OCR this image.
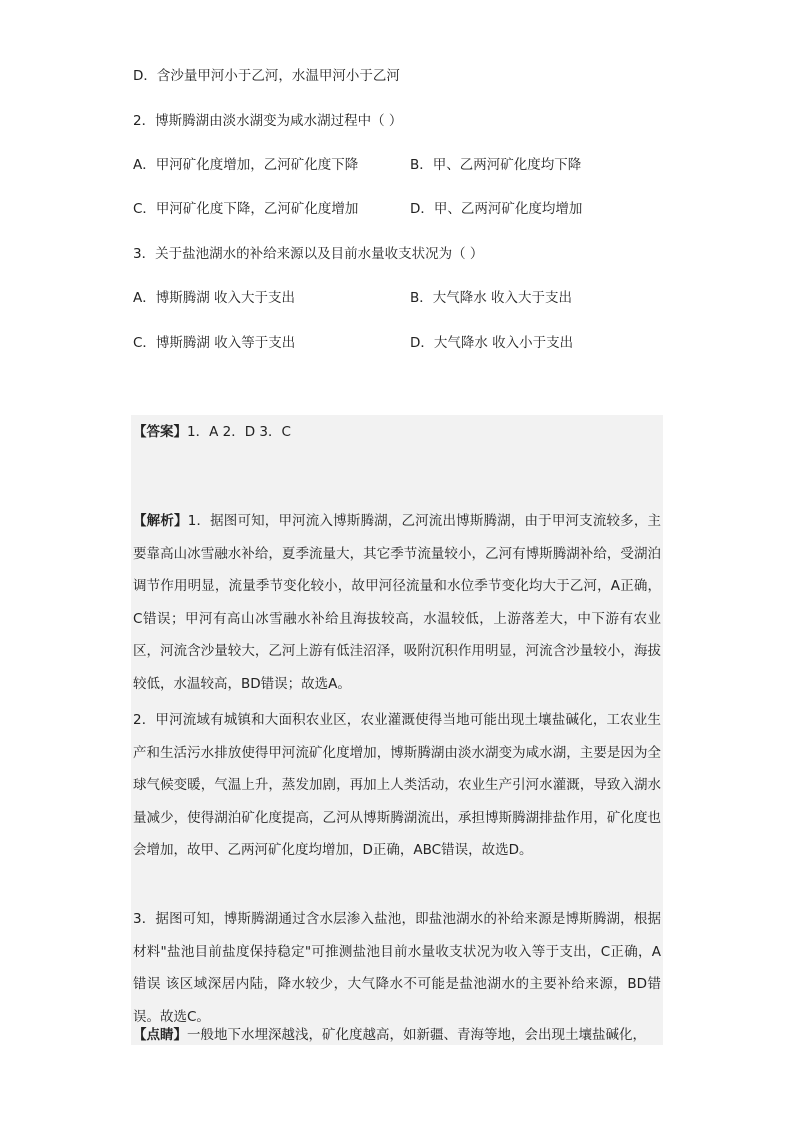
D．含沙量甲河小于乙河，水温甲河小于乙河
2．博斯腾湖由淡水湖变为咸水湖过程中（ ）
A．甲河矿化度增加，乙河矿化度下降	B．甲、乙两河矿化度均下降
C．甲河矿化度下降，乙河矿化度增加	D．甲、乙两河矿化度均增加
3．关于盐池湖水的补给来源以及目前水量收支状况为（ ）
A．博斯腾湖 收入大于支出	B．大气降水 收入大于支出
C．博斯腾湖 收入等于支出	D．大气降水 收入小于支出
【答案】1．A 2．D 3．C
【解析】1．据图可知，甲河流入博斯腾湖，乙河流出博斯腾湖，由于甲河支流较多，主要靠高山冰雪融水补给，夏季流量大，其它季节流量较小，乙河有博斯腾湖补给，受湖泊调节作用明显，流量季节变化较小，故甲河径流量和水位季节变化均大于乙河，A正确，C错误；甲河有高山冰雪融水补给且海拔较高，水温较低，上游落差大，中下游有农业区，河流含沙量较大，乙河上游有低洼沼泽，吸附沉积作用明显，河流含沙量较小，海拔较低，水温较高，BD错误；故选A。
2．甲河流域有城镇和大面积农业区，农业灌溉使得当地可能出现土壤盐碱化，工农业生产和生活污水排放使得甲河流矿化度增加，博斯腾湖由淡水湖变为咸水湖，主要是因为全球气候变暖，气温上升，蒸发加剧，再加上人类活动，农业生产引河水灌溉，导致入湖水量减少，使得湖泊矿化度提高，乙河从博斯腾湖流出，承担博斯腾湖排盐作用，矿化度也会增加，故甲、乙两河矿化度均增加，D正确，ABC错误，故选D。
3．据图可知，博斯腾湖通过含水层渗入盐池，即盐池湖水的补给来源是博斯腾湖，根据材料"盐池目前盐度保持稳定"可推测盐池目前水量收支状况为收入等于支出，C正确，A错误 该区域深居内陆，降水较少，大气降水不可能是盐池湖水的主要补给来源，BD错误。故选C。
【点睛】一般地下水埋深越浅，矿化度越高，如新疆、青海等地，会出现土壤盐碱化，
